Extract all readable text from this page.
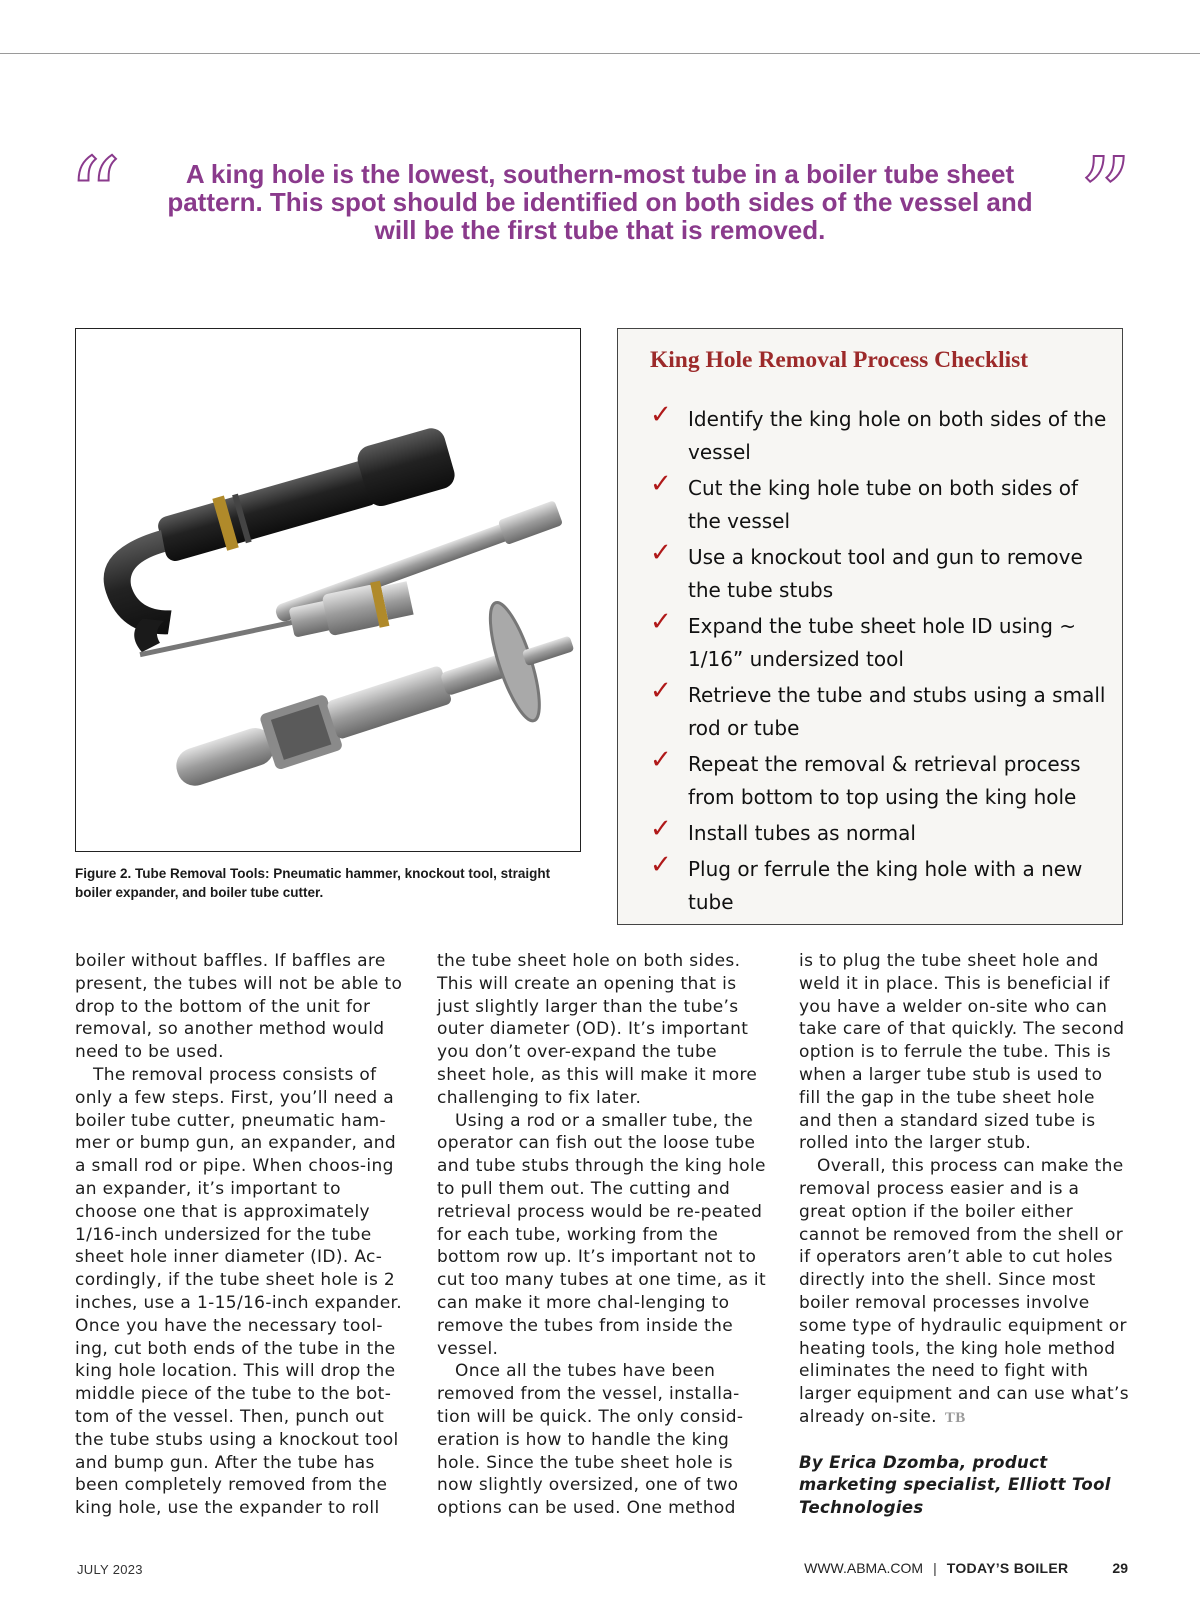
“	A king hole is the lowest, southern-most tube in a boiler tube sheet pattern. This spot should be identified on both sides of the vessel and will be the first tube that is removed.	”
Figure 2. Tube Removal Tools: Pneumatic hammer, knockout tool, straight boiler expander, and boiler tube cutter.
King Hole Removal Process Checklist
✓ Identify the king hole on both sides of the vessel
✓ Cut the king hole tube on both sides of the vessel
✓ Use a knockout tool and gun to remove the tube stubs
✓ Expand the tube sheet hole ID using ~ 1/16” undersized tool
✓ Retrieve the tube and stubs using a small rod or tube
✓ Repeat the removal & retrieval process from bottom to top using the king hole
✓ Install tubes as normal
✓ Plug or ferrule the king hole with a new tube

boiler without baffles. If baffles are present, the tubes will not be able to drop to the bottom of the unit for removal, so another method would need to be used.

The removal process consists of only a few steps. First, you’ll need a boiler tube cutter, pneumatic ham-mer or bump gun, an expander, and a small rod or pipe. When choos-ing an expander, it’s important to choose one that is approximately 1/16-inch undersized for the tube sheet hole inner diameter (ID). Ac-cordingly, if the tube sheet hole is 2 inches, use a 1-15/16-inch expander. Once you have the necessary tool-ing, cut both ends of the tube in the king hole location. This will drop the middle piece of the tube to the bot-tom of the vessel. Then, punch out the tube stubs using a knockout tool and bump gun. After the tube has been completely removed from the king hole, use the expander to roll

the tube sheet hole on both sides. This will create an opening that is just slightly larger than the tube’s outer diameter (OD). It’s important you don’t over-expand the tube sheet hole, as this will make it more challenging to fix later.

Using a rod or a smaller tube, the operator can fish out the loose tube and tube stubs through the king hole to pull them out. The cutting and retrieval process would be re-peated for each tube, working from the bottom row up. It’s important not to cut too many tubes at one time, as it can make it more chal-lenging to remove the tubes from inside the vessel.

Once all the tubes have been removed from the vessel, installa-tion will be quick. The only consid-eration is how to handle the king hole. Since the tube sheet hole is now slightly oversized, one of two options can be used. One method

is to plug the tube sheet hole and weld it in place. This is beneficial if you have a welder on-site who can take care of that quickly. The second option is to ferrule the tube. This is when a larger tube stub is used to fill the gap in the tube sheet hole and then a standard sized tube is rolled into the larger stub.

Overall, this process can make the removal process easier and is a great option if the boiler either cannot be removed from the shell or if operators aren’t able to cut holes directly into the shell. Since most boiler removal processes involve some type of hydraulic equipment or heating tools, the king hole method eliminates the need to fight with larger equipment and can use what’s already on-site. TB

By Erica Dzomba, product marketing specialist, Elliott Tool Technologies

JULY 2023	WWW.ABMA.COM | TODAY’S BOILER	29
